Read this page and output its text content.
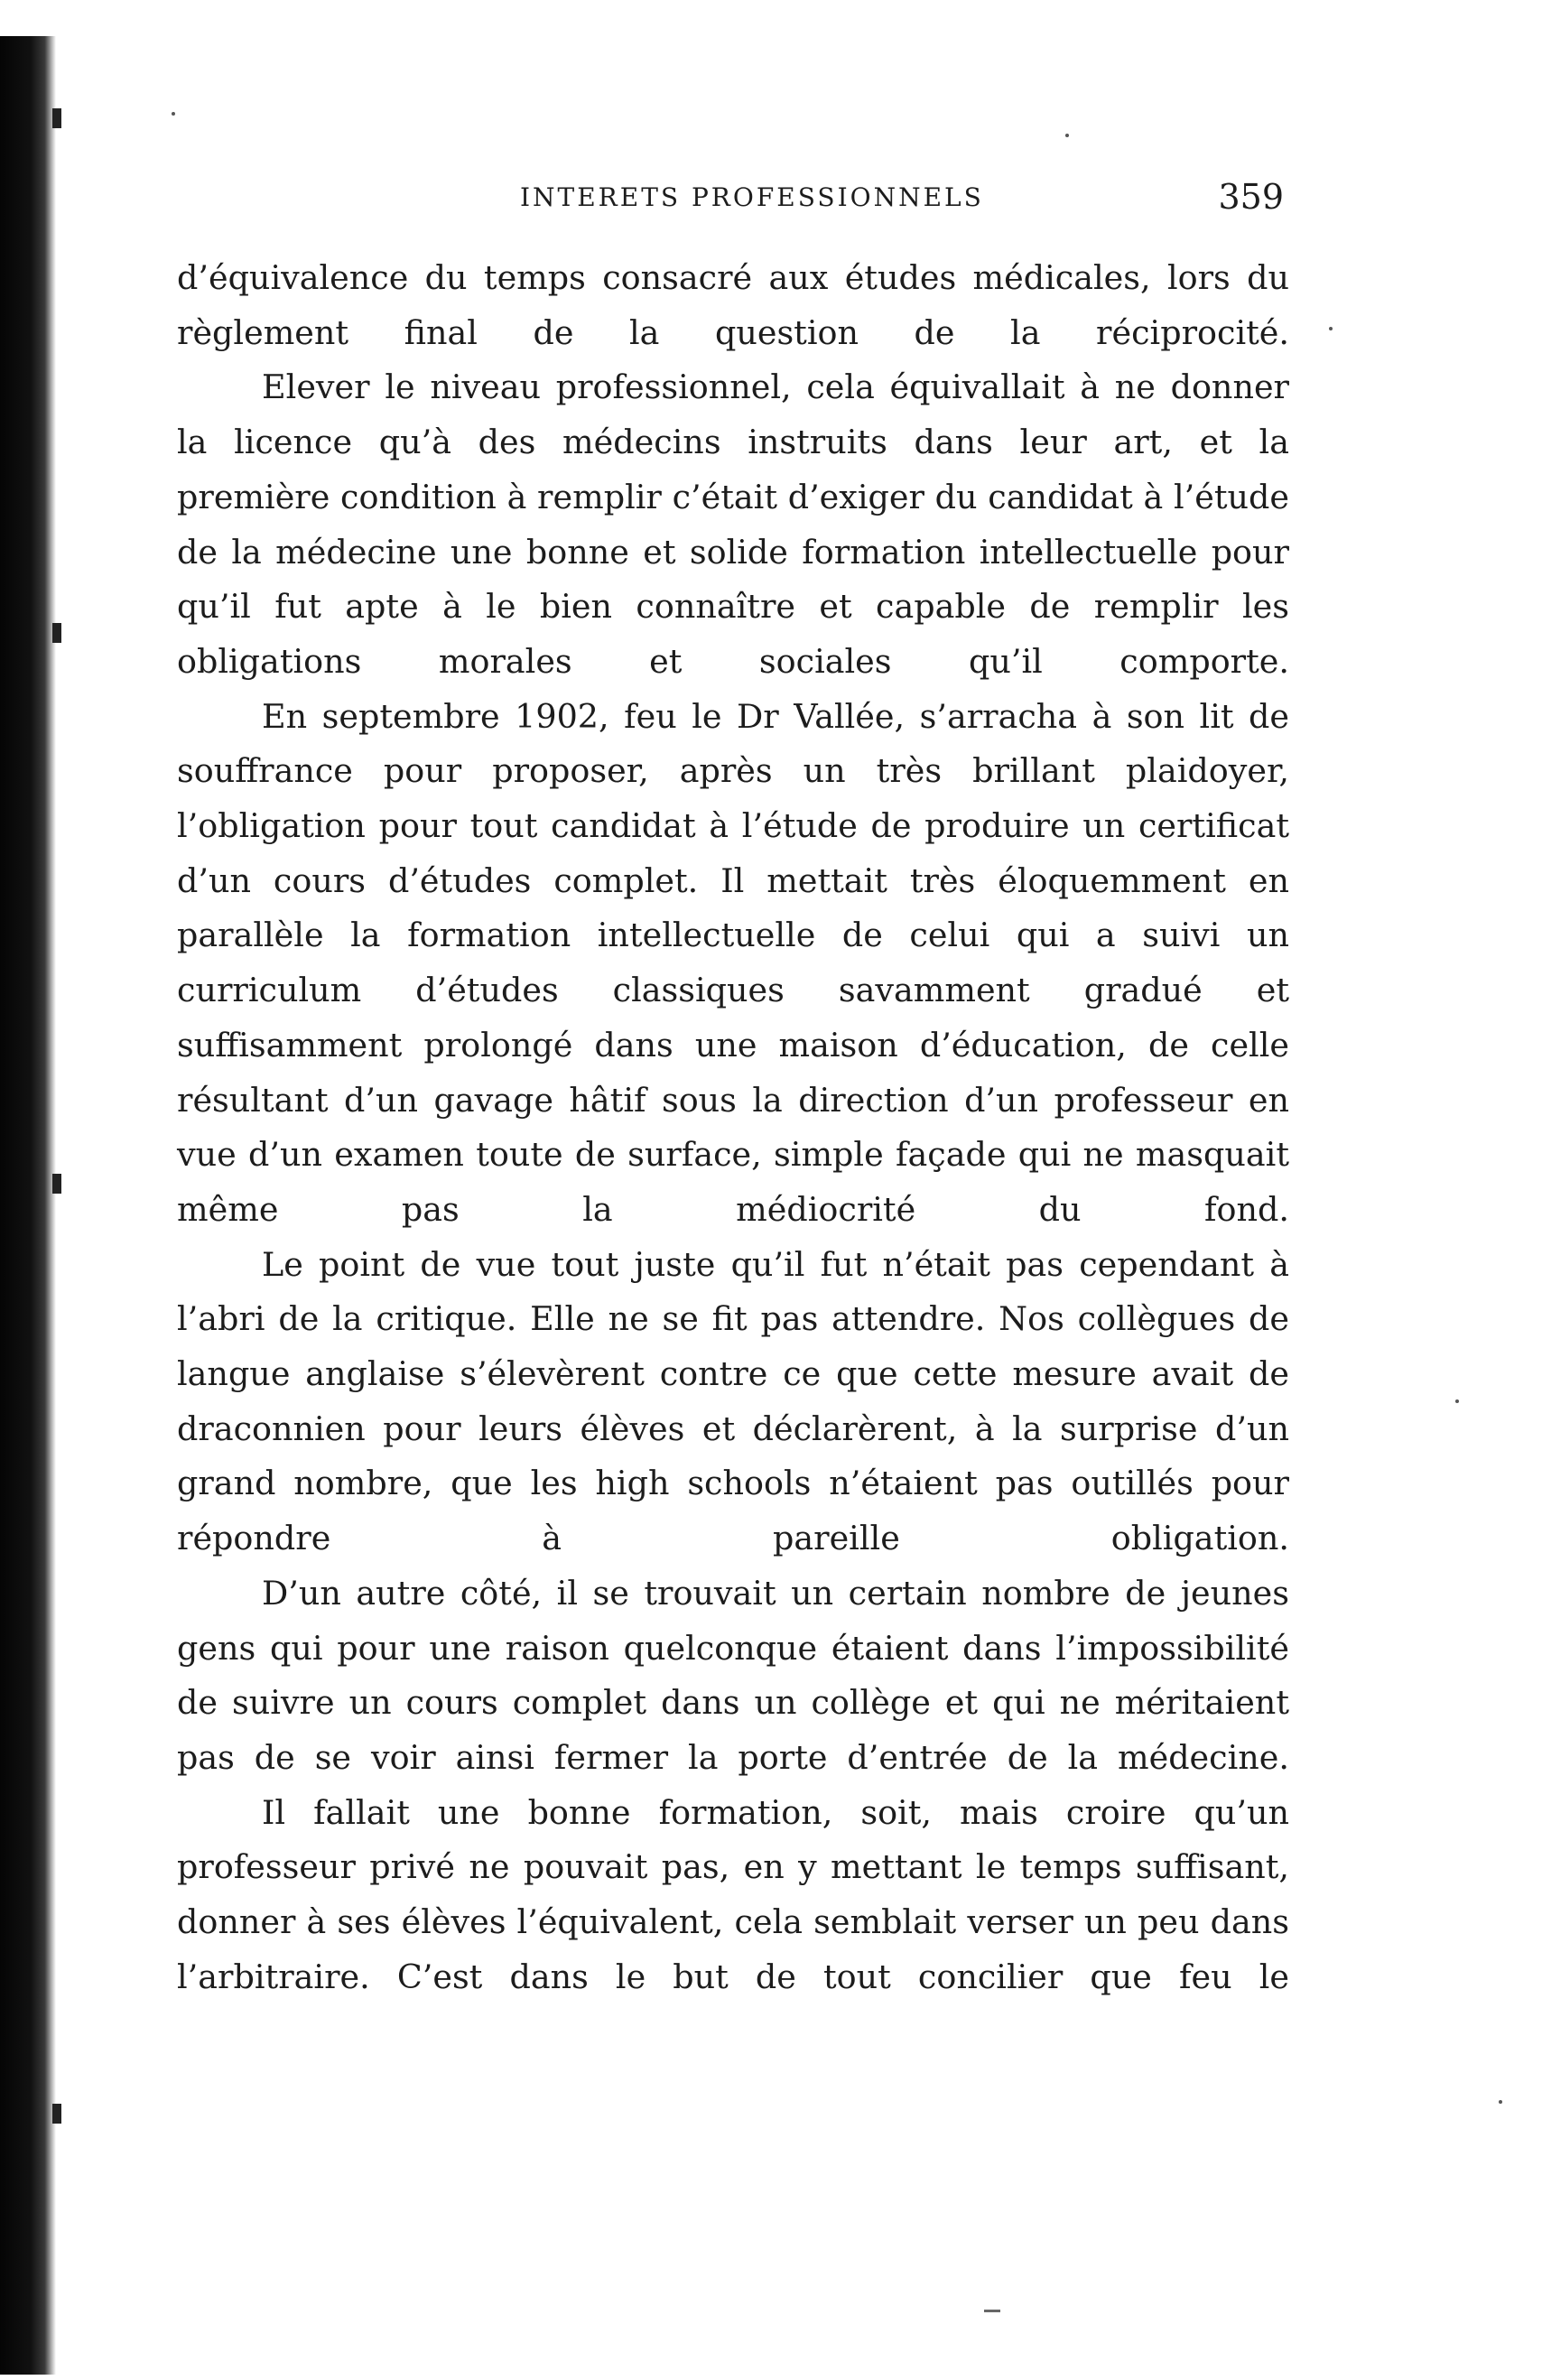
INTERETS PROFESSIONNELS	359

d’équivalence du temps consacré aux études médicales, lors du règlement final de la question de la réciprocité.

Elever le niveau professionnel, cela équivallait à ne donner la licence qu’à des médecins instruits dans leur art, et la première condition à remplir c’était d’exiger du candidat à l’étude de la médecine une bonne et solide formation intellectuelle pour qu’il fut apte à le bien connaître et capable de remplir les obligations morales et sociales qu’il comporte.

En septembre 1902, feu le Dr Vallée, s’arracha à son lit de souffrance pour proposer, après un très brillant plaidoyer, l’obligation pour tout candidat à l’étude de produire un certificat d’un cours d’études complet. Il mettait très éloquemment en parallèle la formation intellectuelle de celui qui a suivi un curriculum d’études classiques savamment gradué et suffisamment prolongé dans une maison d’éducation, de celle résultant d’un gavage hâtif sous la direction d’un professeur en vue d’un examen toute de surface, simple façade qui ne masquait même pas la médiocrité du fond.

Le point de vue tout juste qu’il fut n’était pas cependant à l’abri de la critique. Elle ne se fit pas attendre. Nos collègues de langue anglaise s’élevèrent contre ce que cette mesure avait de draconnien pour leurs élèves et déclarèrent, à la surprise d’un grand nombre, que les high schools n’étaient pas outillés pour répondre à pareille obligation.

D’un autre côté, il se trouvait un certain nombre de jeunes gens qui pour une raison quelconque étaient dans l’impossibilité de suivre un cours complet dans un collège et qui ne méritaient pas de se voir ainsi fermer la porte d’entrée de la médecine.

Il fallait une bonne formation, soit, mais croire qu’un professeur privé ne pouvait pas, en y mettant le temps suffisant, donner à ses élèves l’équivalent, cela semblait verser un peu dans l’arbitraire. C’est dans le but de tout concilier que feu le
